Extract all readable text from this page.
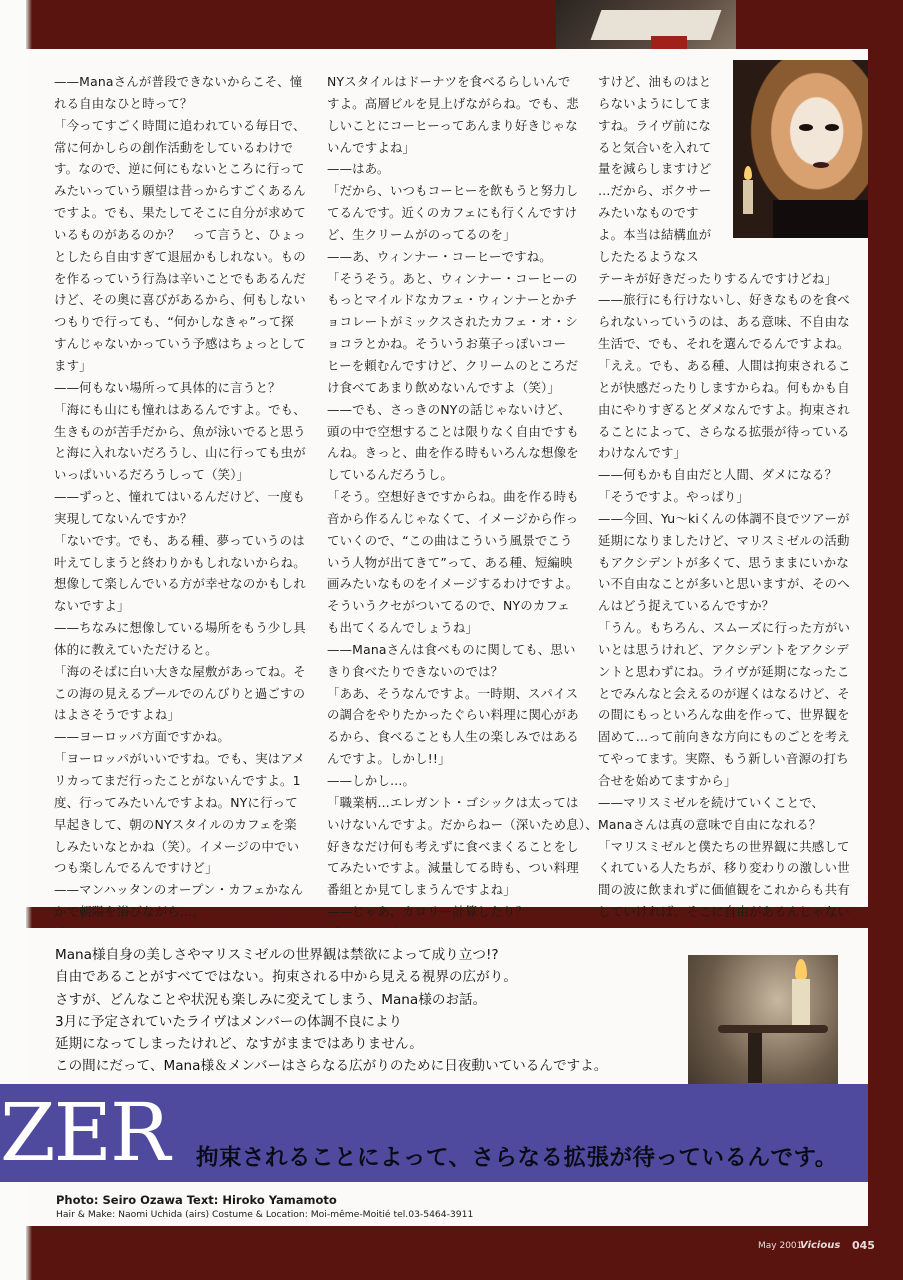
——Manaさんが普段できないからこそ、憧

れる自由なひと時って？

「今ってすごく時間に追われている毎日で、

常に何かしらの創作活動をしているわけで

す。なので、逆に何にもないところに行って

みたいっていう願望は昔っからすごくあるん

ですよ。でも、果たしてそこに自分が求めて

いるものがあるのか？　って言うと、ひょっ

としたら自由すぎて退屈かもしれない。もの

を作るっていう行為は辛いことでもあるんだ

けど、その奥に喜びがあるから、何もしない

つもりで行っても、“何かしなきゃ”って探

すんじゃないかっていう予感はちょっとして

ます」

——何もない場所って具体的に言うと？

「海にも山にも憧れはあるんですよ。でも、

生きものが苦手だから、魚が泳いでると思う

と海に入れないだろうし、山に行っても虫が

いっぱいいるだろうしって（笑）」

——ずっと、憧れてはいるんだけど、一度も

実現してないんですか？

「ないです。でも、ある種、夢っていうのは

叶えてしまうと終わりかもしれないからね。

想像して楽しんでいる方が幸せなのかもしれ

ないですよ」

——ちなみに想像している場所をもう少し具

体的に教えていただけると。

「海のそばに白い大きな屋敷があってね。そ

この海の見えるプールでのんびりと過ごすの

はよさそうですよね」

——ヨーロッパ方面ですかね。

「ヨーロッパがいいですね。でも、実はアメ

リカってまだ行ったことがないんですよ。1

度、行ってみたいんですよね。NYに行って

早起きして、朝のNYスタイルのカフェを楽

しみたいなとかね（笑）。イメージの中でい

つも楽しんでるんですけど」

——マンハッタンのオープン・カフェかなん

かで朝陽を浴びながら…。

NYスタイルはドーナツを食べるらしいんで

すよ。高層ビルを見上げながらね。でも、悲

しいことにコーヒーってあんまり好きじゃな

いんですよね」

——はあ。

「だから、いつもコーヒーを飲もうと努力し

てるんです。近くのカフェにも行くんですけ

ど、生クリームがのってるのを」

——あ、ウィンナー・コーヒーですね。

「そうそう。あと、ウィンナー・コーヒーの

もっとマイルドなカフェ・ウィンナーとかチ

ョコレートがミックスされたカフェ・オ・シ

ョコラとかね。そういうお菓子っぽいコー

ヒーを頼むんですけど、クリームのところだ

け食べてあまり飲めないんですよ（笑）」

——でも、さっきのNYの話じゃないけど、

頭の中で空想することは限りなく自由ですも

んね。きっと、曲を作る時もいろんな想像を

しているんだろうし。

「そう。空想好きですからね。曲を作る時も

音から作るんじゃなくて、イメージから作っ

ていくので、“この曲はこういう風景でこう

いう人物が出てきて”って、ある種、短編映

画みたいなものをイメージするわけですよ。

そういうクセがついてるので、NYのカフェ

も出てくるんでしょうね」

——Manaさんは食べものに関しても、思い

きり食べたりできないのでは？

「ああ、そうなんですよ。一時期、スパイス

の調合をやりたかったぐらい料理に関心があ

るから、食べることも人生の楽しみではある

んですよ。しかし!!」

——しかし…。

「職業柄…エレガント・ゴシックは太っては

いけないんですよ。だからねー（深いため息）、

好きなだけ何も考えずに食べまくることをし

てみたいですよ。減量してる時も、つい料理

番組とか見てしまうんですよね」

——じゃあ、カロリー計算したり？

すけど、油ものはと

らないようにしてま

すね。ライヴ前にな

ると気合いを入れて

量を減らしますけど

…だから、ボクサー

みたいなものです

よ。本当は結構血が

したたるようなス

テーキが好きだったりするんですけどね」

——旅行にも行けないし、好きなものを食べ

られないっていうのは、ある意味、不自由な

生活で、でも、それを選んでるんですよね。

「ええ。でも、ある種、人間は拘束されるこ

とが快感だったりしますからね。何もかも自

由にやりすぎるとダメなんですよ。拘束され

ることによって、さらなる拡張が待っている

わけなんです」

——何もかも自由だと人間、ダメになる？

「そうですよ。やっぱり」

——今回、Yu～kiくんの体調不良でツアーが

延期になりましたけど、マリスミゼルの活動

もアクシデントが多くて、思うままにいかな

い不自由なことが多いと思いますが、そのへ

んはどう捉えているんですか？

「うん。もちろん、スムーズに行った方がい

いとは思うけれど、アクシデントをアクシデ

ントと思わずにね。ライヴが延期になったこ

とでみんなと会えるのが遅くはなるけど、そ

の間にもっといろんな曲を作って、世界観を

固めて…って前向きな方向にものごとを考え

てやってます。実際、もう新しい音源の打ち

合せを始めてますから」

——マリスミゼルを続けていくことで、

Manaさんは真の意味で自由になれる？

「マリスミゼルと僕たちの世界観に共感して

くれている人たちが、移り変わりの激しい世

間の波に飲まれずに価値観をこれからも共有

していければ、そこに自由があるんじゃない

Mana様自身の美しさやマリスミゼルの世界観は禁欲によって成り立つ!?

自由であることがすべてではない。拘束される中から見える視界の広がり。

さすが、どんなことや状況も楽しみに変えてしまう、Mana様のお話。

3月に予定されていたライヴはメンバーの体調不良により

延期になってしまったけれど、なすがままではありません。

この間にだって、Mana様＆メンバーはさらなる広がりのために日夜動いているんですよ。

ZER 拘束されることによって、さらなる拡張が待っているんです。
Photo: Seiro Ozawa Text: Hiroko Yamamoto
Hair & Make: Naomi Uchida (airs) Costume & Location: Moi-même-Moitié tel.03-5464-3911
May 2001
Vicious 045
